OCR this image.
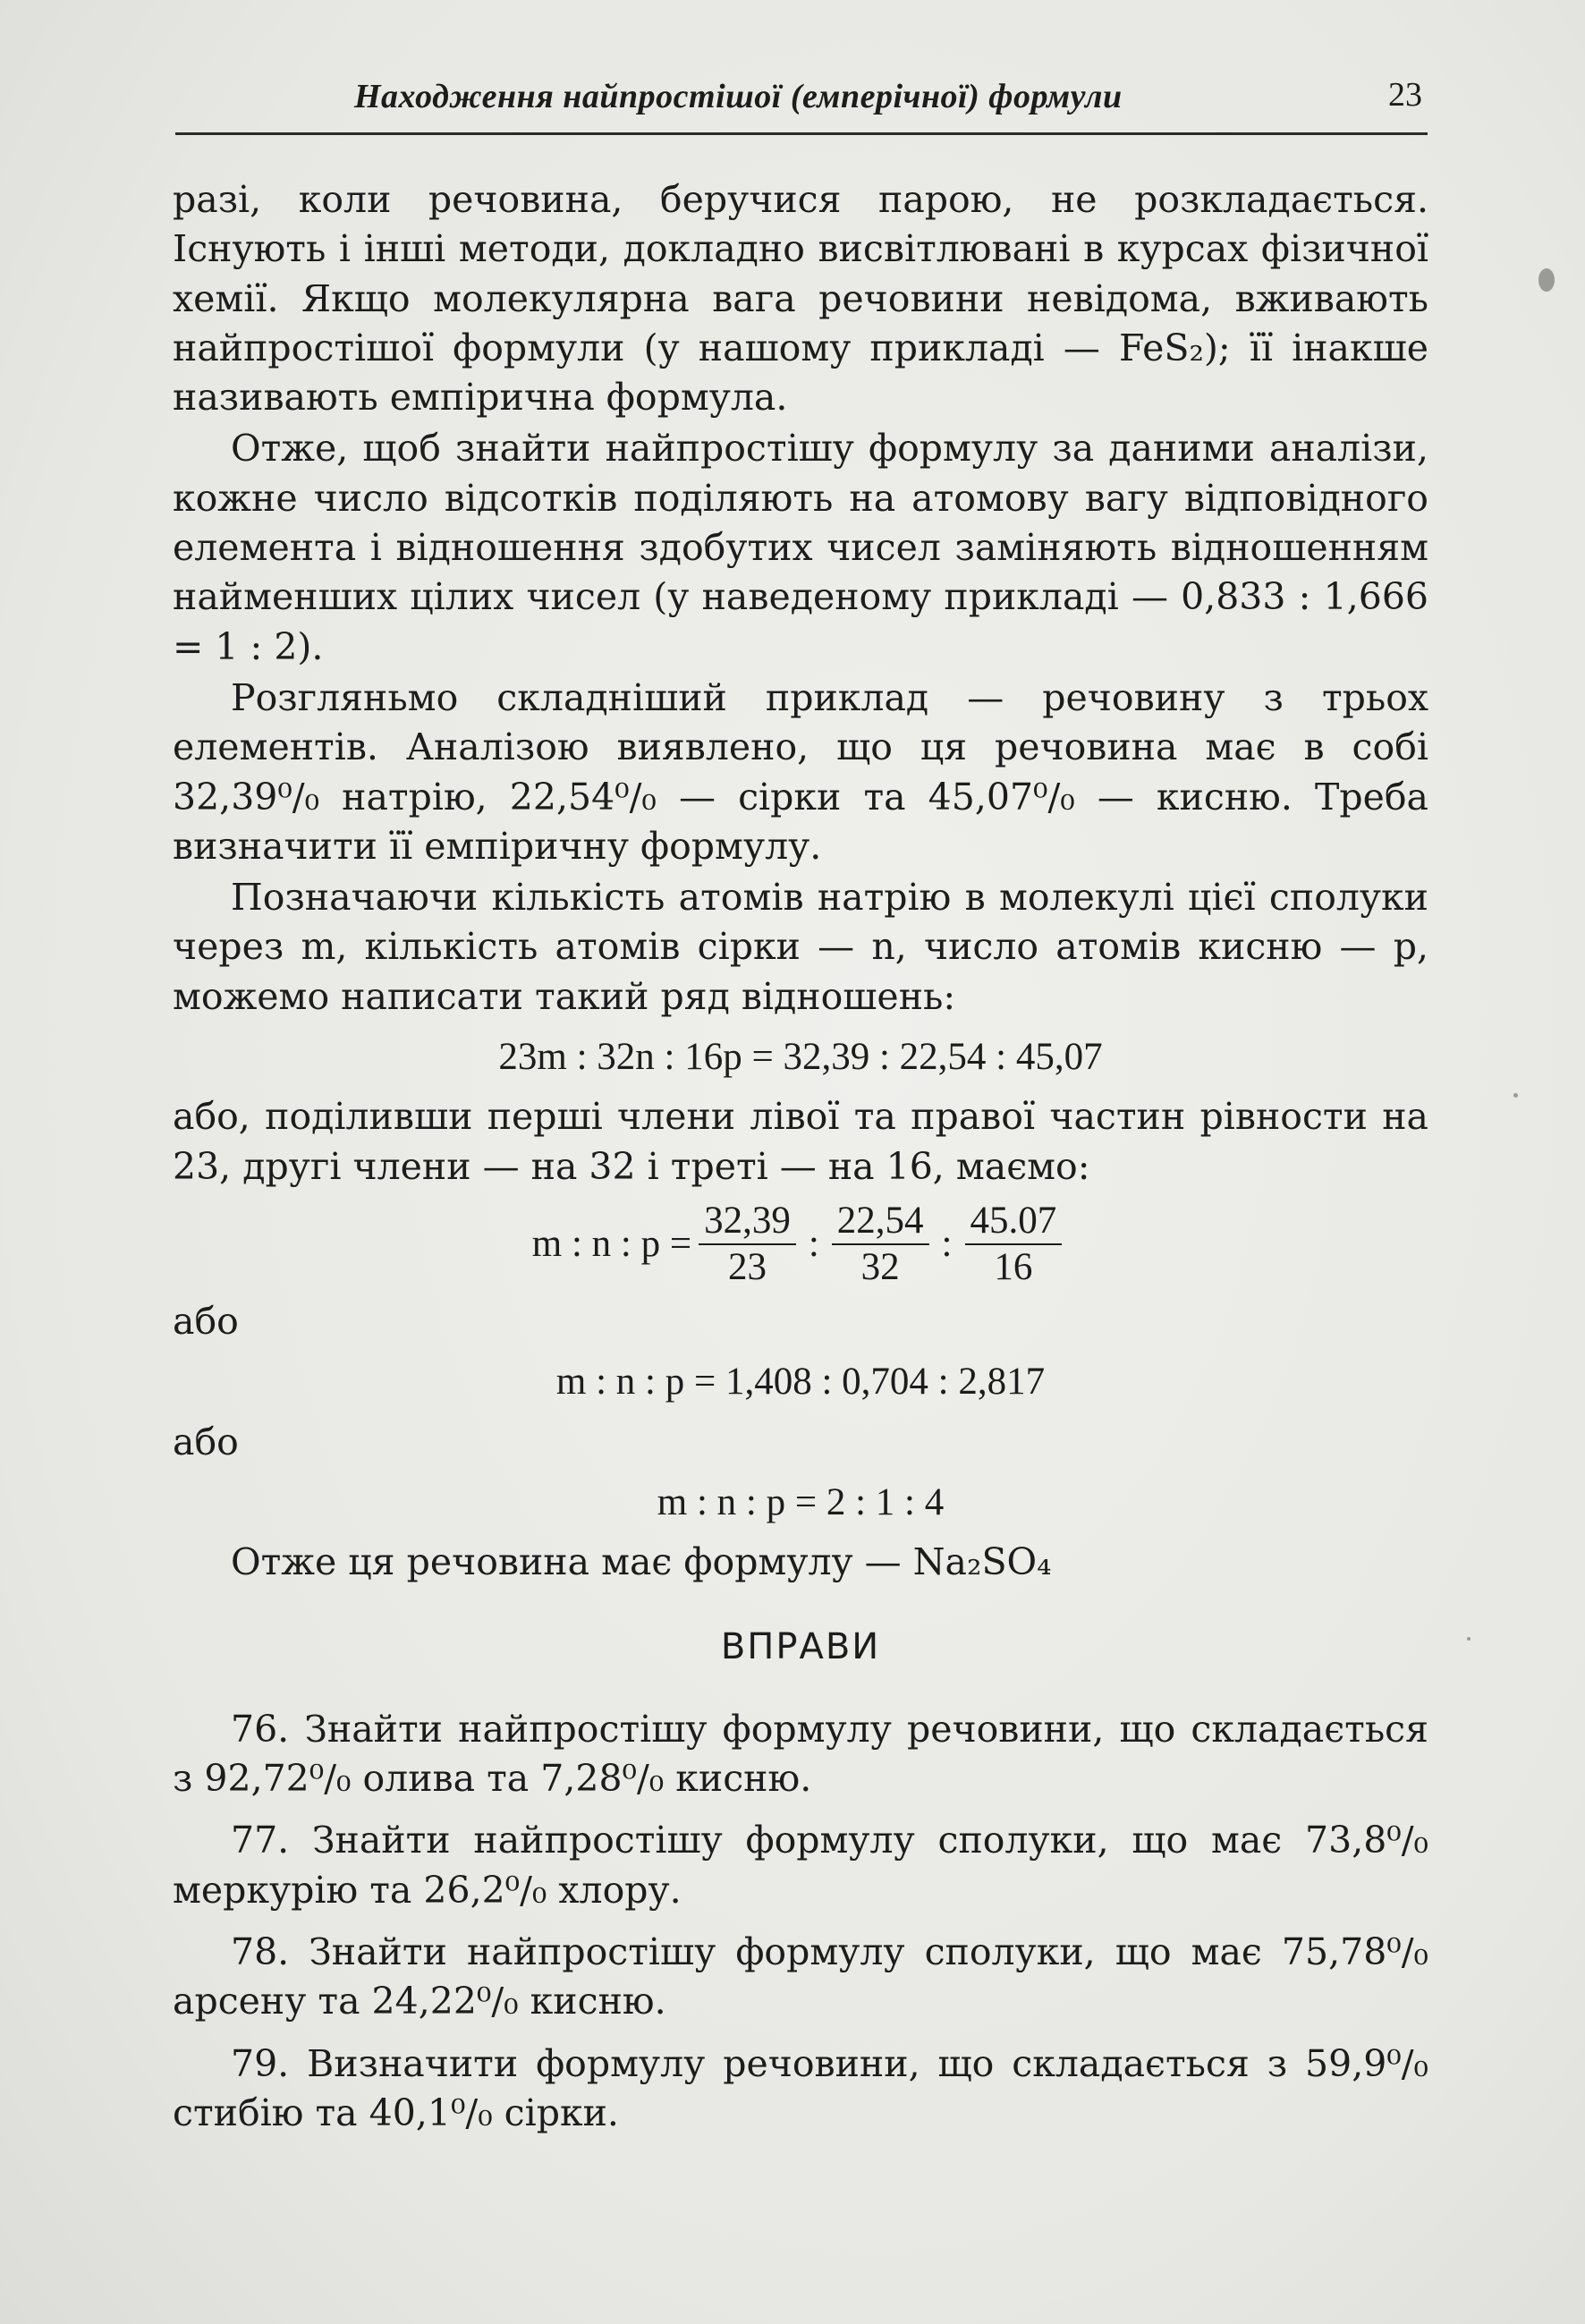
Находження найпростішої (емперічної) формули	23

разі, коли речовина, беручися парою, не розкладається. Існують і інші методи, докладно висвітлювані в курсах фізичної хемії. Якщо молекулярна вага речовини невідома, вживають найпростішої формули (у нашому прикладі — FeS₂); її інакше називають емпірична формула.

Отже, щоб знайти найпростішу формулу за даними аналізи, кожне число відсотків поділяють на атомову вагу відповідного елемента і відношення здобутих чисел заміняють відношенням найменших цілих чисел (у наведеному прикладі — 0,833 : 1,666 = 1 : 2).

Розгляньмо складніший приклад — речовину з трьох елементів. Аналізою виявлено, що ця речовина має в собі 32,39⁰/₀ натрію, 22,54⁰/₀ — сірки та 45,07⁰/₀ — кисню. Треба визначити її емпіричну формулу.

Позначаючи кількість атомів натрію в молекулі цієї сполуки через m, кількість атомів сірки — n, число атомів кисню — p, можемо написати такий ряд відношень:

23m : 32n : 16p = 32,39 : 22,54 : 45,07

або, поділивши перші члени лівої та правої частин рівности на 23, другі члени — на 32 і треті — на 16, маємо:

m : n : $p = \frac{32,39}{23}$ : $\frac{22,54}{32}$ : $\frac{45.07}{16}$
або
m : n : p = 1,408 : 0,704 : 2,817
або
m : n : p = 2 : 1 : 4

Отже ця речовина має формулу — Na₂SO₄

ВПРАВИ

76. Знайти найпростішу формулу речовини, що складається з 92,72⁰/₀ олива та 7,28⁰/₀ кисню.

77. Знайти найпростішу формулу сполуки, що має 73,8⁰/₀ меркурію та 26,2⁰/₀ хлору.

78. Знайти найпростішу формулу сполуки, що має 75,78⁰/₀ арсену та 24,22⁰/₀ кисню.

79. Визначити формулу речовини, що складається з 59,9⁰/₀ стибію та 40,1⁰/₀ сірки.
